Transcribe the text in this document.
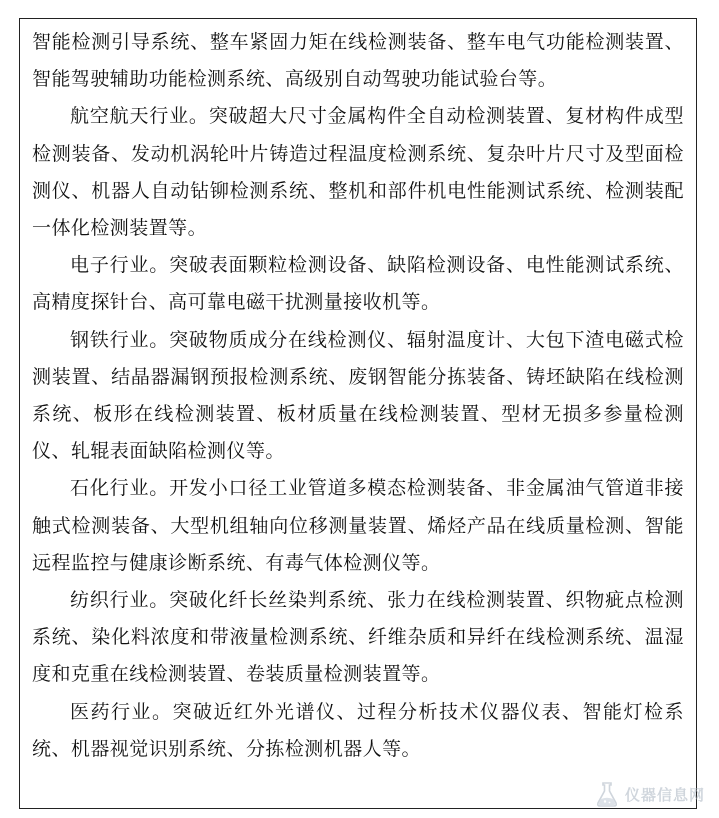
智能检测引导系统、整车紧固力矩在线检测装备、整车电气功能检测装置、智能驾驶辅助功能检测系统、高级别自动驾驶功能试验台等。

航空航天行业。突破超大尺寸金属构件全自动检测装置、复材构件成型检测装备、发动机涡轮叶片铸造过程温度检测系统、复杂叶片尺寸及型面检测仪、机器人自动钻铆检测系统、整机和部件机电性能测试系统、检测装配一体化检测装置等。

电子行业。突破表面颗粒检测设备、缺陷检测设备、电性能测试系统、高精度探针台、高可靠电磁干扰测量接收机等。

钢铁行业。突破物质成分在线检测仪、辐射温度计、大包下渣电磁式检测装置、结晶器漏钢预报检测系统、废钢智能分拣装备、铸坯缺陷在线检测系统、板形在线检测装置、板材质量在线检测装置、型材无损多参量检测仪、轧辊表面缺陷检测仪等。

石化行业。开发小口径工业管道多模态检测装备、非金属油气管道非接触式检测装备、大型机组轴向位移测量装置、烯烃产品在线质量检测、智能远程监控与健康诊断系统、有毒气体检测仪等。

纺织行业。突破化纤长丝染判系统、张力在线检测装置、织物疵点检测系统、染化料浓度和带液量检测系统、纤维杂质和异纤在线检测系统、温湿度和克重在线检测装置、卷装质量检测装置等。

医药行业。突破近红外光谱仪、过程分析技术仪器仪表、智能灯检系统、机器视觉识别系统、分拣检测机器人等。

仪器信息网
